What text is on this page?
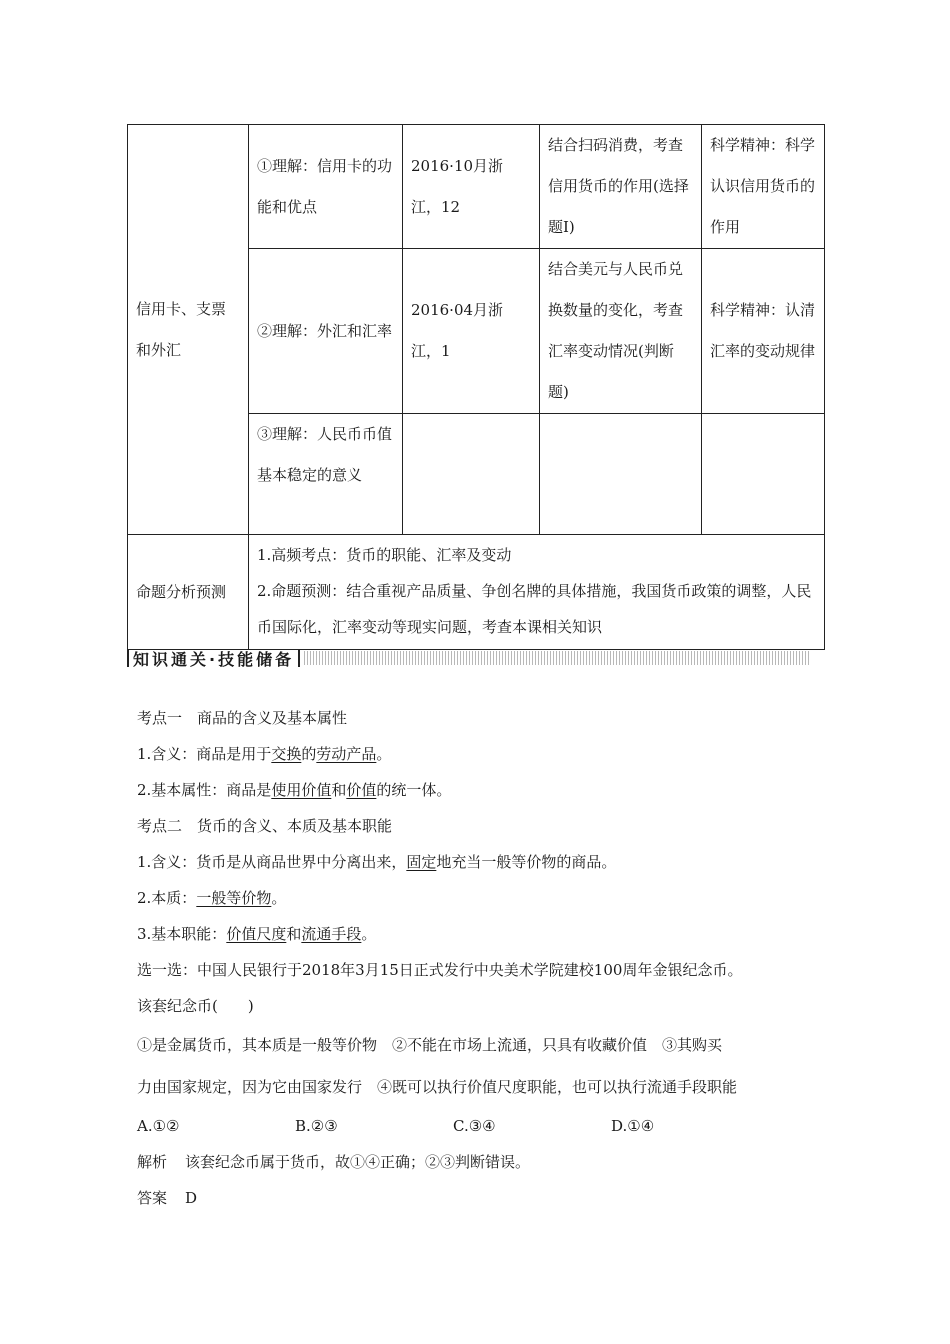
信用卡、支票和外汇	①理解：信用卡的功能和优点	2016·10月浙江，12	结合扫码消费，考查信用货币的作用(选择题Ⅰ)	科学精神：科学认识信用货币的作用
	②理解：外汇和汇率	2016·04月浙江，1	结合美元与人民币兑换数量的变化，考查汇率变动情况(判断题)	科学精神：认清汇率的变动规律
	③理解：人民币币值基本稳定的意义			
命题分析预测	1.高频考点：货币的职能、汇率及变动
2.命题预测：结合重视产品质量、争创名牌的具体措施，我国货币政策的调整，人民币国际化，汇率变动等现实问题，考查本课相关知识			
知识通关·技能储备
考点一　商品的含义及基本属性
1.含义：商品是用于交换的劳动产品。
2.基本属性：商品是使用价值和价值的统一体。
考点二　货币的含义、本质及基本职能
1.含义：货币是从商品世界中分离出来，固定地充当一般等价物的商品。
2.本质：一般等价物。
3.基本职能：价值尺度和流通手段。
选一选：中国人民银行于2018年3月15日正式发行中央美术学院建校100周年金银纪念币。
该套纪念币(　　)
①是金属货币，其本质是一般等价物　②不能在市场上流通，只具有收藏价值　③其购买
力由国家规定，因为它由国家发行　④既可以执行价值尺度职能，也可以执行流通手段职能
A.①②	B.②③	C.③④	D.①④
解析 该套纪念币属于货币，故①④正确；②③判断错误。
答案 D
